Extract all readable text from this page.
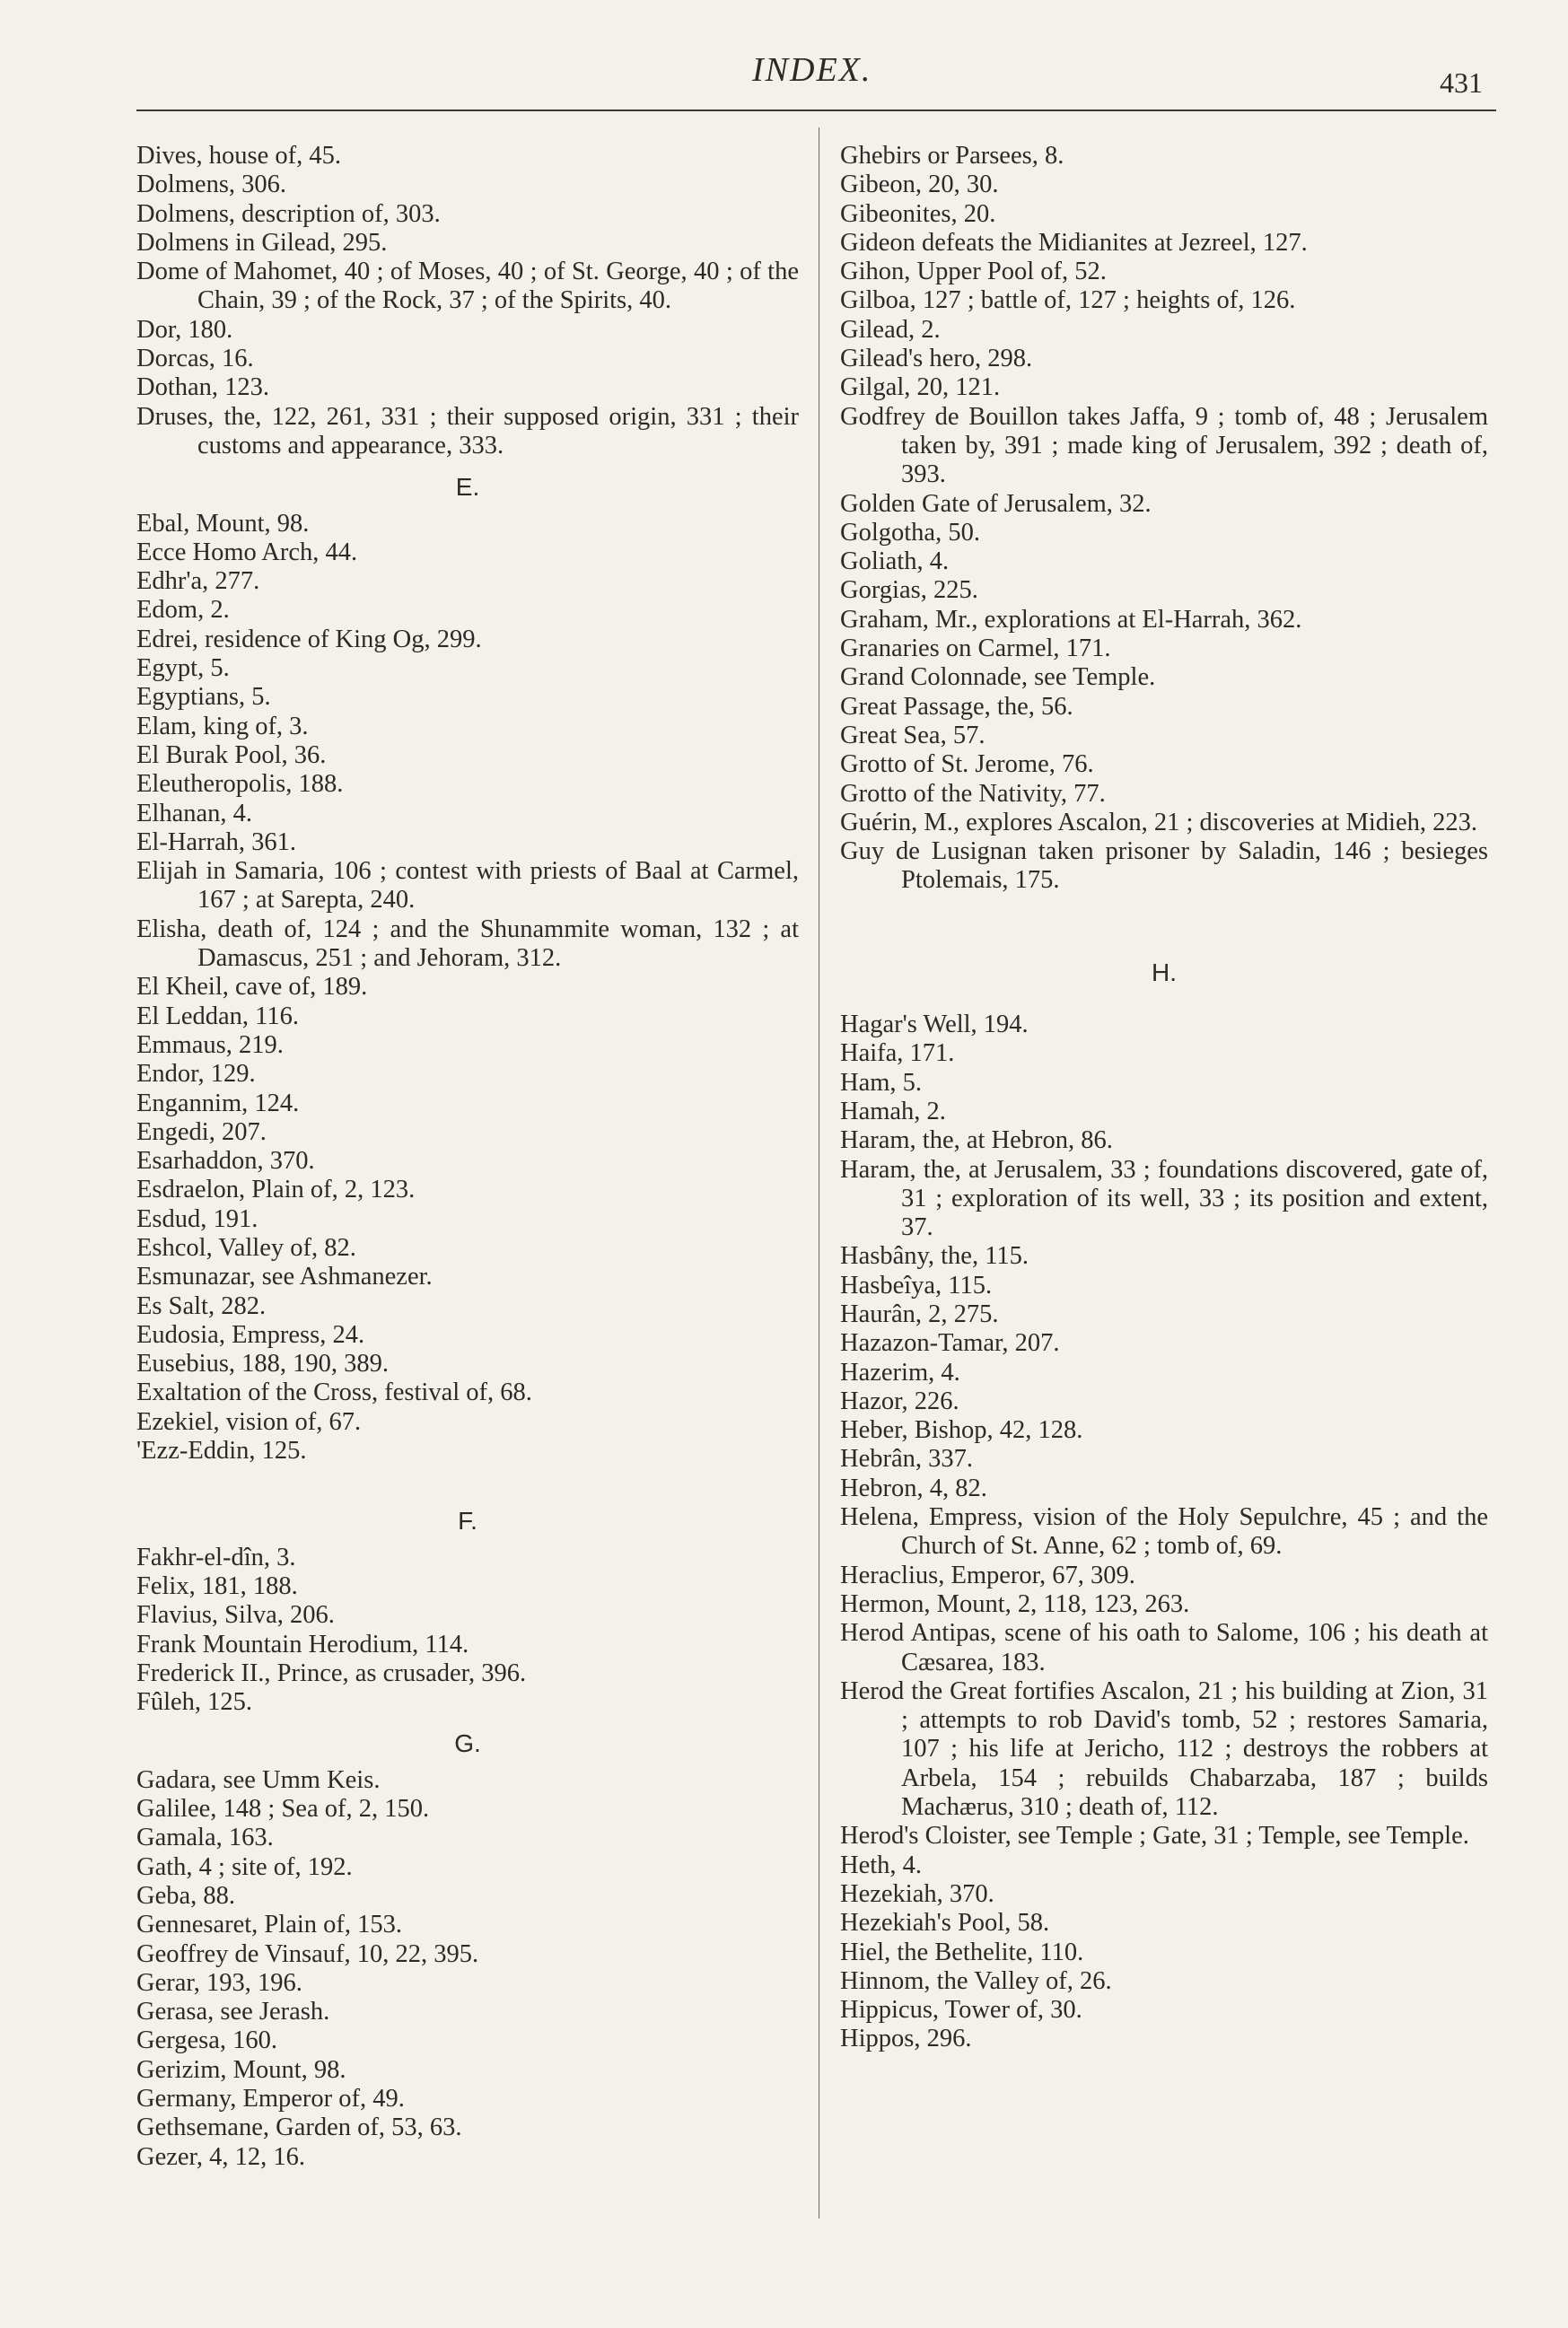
INDEX.	431

Dives, house of, 45.

Dolmens, 306.

Dolmens, description of, 303.

Dolmens in Gilead, 295.

Dome of Mahomet, 40 ; of Moses, 40 ; of St. George, 40 ; of the Chain, 39 ; of the Rock, 37 ; of the Spirits, 40.

Dor, 180.

Dorcas, 16.

Dothan, 123.

Druses, the, 122, 261, 331 ; their supposed origin, 331 ; their customs and appearance, 333.

E.

Ebal, Mount, 98.

Ecce Homo Arch, 44.

Edhr'a, 277.

Edom, 2.

Edrei, residence of King Og, 299.

Egypt, 5.

Egyptians, 5.

Elam, king of, 3.

El Burak Pool, 36.

Eleutheropolis, 188.

Elhanan, 4.

El-Harrah, 361.

Elijah in Samaria, 106 ; contest with priests of Baal at Carmel, 167 ; at Sarepta, 240.

Elisha, death of, 124 ; and the Shunammite woman, 132 ; at Damascus, 251 ; and Jehoram, 312.

El Kheil, cave of, 189.

El Leddan, 116.

Emmaus, 219.

Endor, 129.

Engannim, 124.

Engedi, 207.

Esarhaddon, 370.

Esdraelon, Plain of, 2, 123.

Esdud, 191.

Eshcol, Valley of, 82.

Esmunazar, see Ashmanezer.

Es Salt, 282.

Eudosia, Empress, 24.

Eusebius, 188, 190, 389.

Exaltation of the Cross, festival of, 68.

Ezekiel, vision of, 67.

'Ezz-Eddin, 125.

F.

Fakhr-el-dîn, 3.

Felix, 181, 188.

Flavius, Silva, 206.

Frank Mountain Herodium, 114.

Frederick II., Prince, as crusader, 396.

Fûleh, 125.

G.

Gadara, see Umm Keis.

Galilee, 148 ; Sea of, 2, 150.

Gamala, 163.

Gath, 4 ; site of, 192.

Geba, 88.

Gennesaret, Plain of, 153.

Geoffrey de Vinsauf, 10, 22, 395.

Gerar, 193, 196.

Gerasa, see Jerash.

Gergesa, 160.

Gerizim, Mount, 98.

Germany, Emperor of, 49.

Gethsemane, Garden of, 53, 63.

Gezer, 4, 12, 16.

Ghebirs or Parsees, 8.

Gibeon, 20, 30.

Gibeonites, 20.

Gideon defeats the Midianites at Jezreel, 127.

Gihon, Upper Pool of, 52.

Gilboa, 127 ; battle of, 127 ; heights of, 126.

Gilead, 2.

Gilead's hero, 298.

Gilgal, 20, 121.

Godfrey de Bouillon takes Jaffa, 9 ; tomb of, 48 ; Jerusalem taken by, 391 ; made king of Jerusalem, 392 ; death of, 393.

Golden Gate of Jerusalem, 32.

Golgotha, 50.

Goliath, 4.

Gorgias, 225.

Graham, Mr., explorations at El-Harrah, 362.

Granaries on Carmel, 171.

Grand Colonnade, see Temple.

Great Passage, the, 56.

Great Sea, 57.

Grotto of St. Jerome, 76.

Grotto of the Nativity, 77.

Guérin, M., explores Ascalon, 21 ; discoveries at Midieh, 223.

Guy de Lusignan taken prisoner by Saladin, 146 ; besieges Ptolemais, 175.

H.

Hagar's Well, 194.

Haifa, 171.

Ham, 5.

Hamah, 2.

Haram, the, at Hebron, 86.

Haram, the, at Jerusalem, 33 ; foundations discovered, gate of, 31 ; exploration of its well, 33 ; its position and extent, 37.

Hasbâny, the, 115.

Hasbeîya, 115.

Haurân, 2, 275.

Hazazon-Tamar, 207.

Hazerim, 4.

Hazor, 226.

Heber, Bishop, 42, 128.

Hebrân, 337.

Hebron, 4, 82.

Helena, Empress, vision of the Holy Sepulchre, 45 ; and the Church of St. Anne, 62 ; tomb of, 69.

Heraclius, Emperor, 67, 309.

Hermon, Mount, 2, 118, 123, 263.

Herod Antipas, scene of his oath to Salome, 106 ; his death at Cæsarea, 183.

Herod the Great fortifies Ascalon, 21 ; his building at Zion, 31 ; attempts to rob David's tomb, 52 ; restores Samaria, 107 ; his life at Jericho, 112 ; destroys the robbers at Arbela, 154 ; rebuilds Chabarzaba, 187 ; builds Machærus, 310 ; death of, 112.

Herod's Cloister, see Temple ; Gate, 31 ; Temple, see Temple.

Heth, 4.

Hezekiah, 370.

Hezekiah's Pool, 58.

Hiel, the Bethelite, 110.

Hinnom, the Valley of, 26.

Hippicus, Tower of, 30.

Hippos, 296.
